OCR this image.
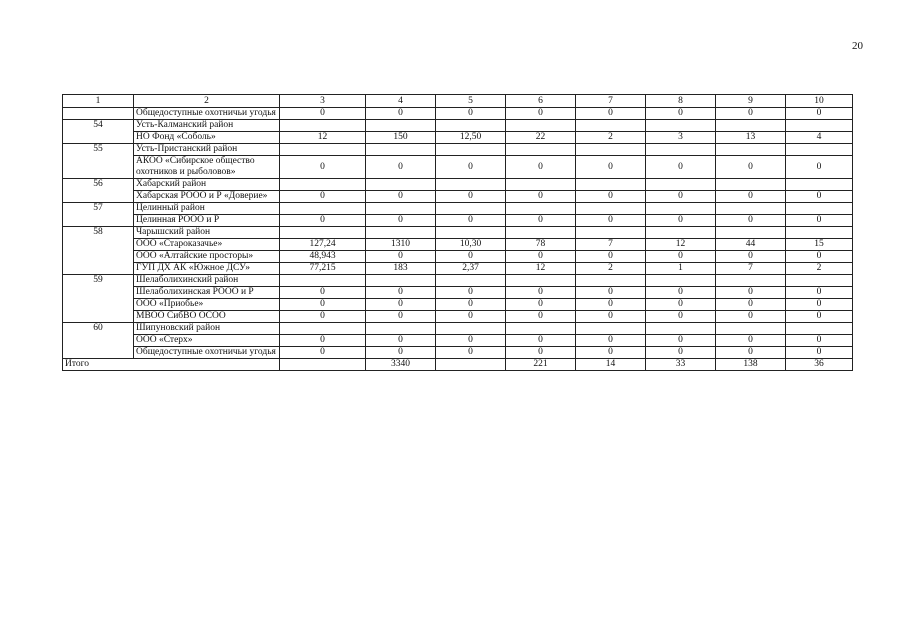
20
1	2	3	4	5	6	7	8	9	10
	Общедоступные охотничьи угодья	0	0	0	0	0	0	0	0
54	Усть-Калманский район								
	НО Фонд «Соболь»	12	150	12,50	22	2	3	13	4
55	Усть-Пристанский район								
	АКОО «Сибирское общество охотников и рыболовов»	0	0	0	0	0	0	0	0
56	Хабарский район								
	Хабарская РООО и Р «Доверие»	0	0	0	0	0	0	0	0
57	Целинный район								
	Целинная РООО и Р	0	0	0	0	0	0	0	0
58	Чарышский район								
	ООО «Староказачье»	127,24	1310	10,30	78	7	12	44	15
	ООО «Алтайские просторы»	48,943	0	0	0	0	0	0	0
	ГУП ДХ АК «Южное ДСУ»	77,215	183	2,37	12	2	1	7	2
59	Шелаболихинский район								
	Шелаболихинская РООО и Р	0	0	0	0	0	0	0	0
	ООО «Приобье»	0	0	0	0	0	0	0	0
	МВОО СибВО ОСОО	0	0	0	0	0	0	0	0
60	Шипуновский район								
	ООО «Стерх»	0	0	0	0	0	0	0	0
	Общедоступные охотничьи угодья	0	0	0	0	0	0	0	0
Итого			3340		221	14	33	138	36
